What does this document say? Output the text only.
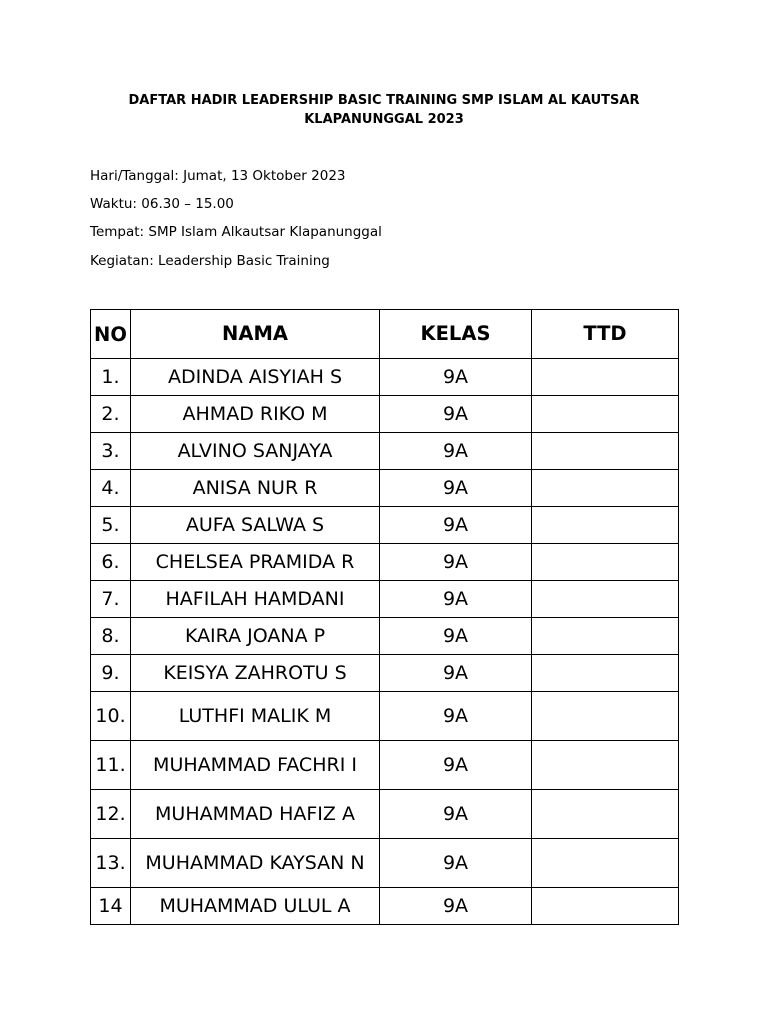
DAFTAR HADIR LEADERSHIP BASIC TRAINING SMP ISLAM AL KAUTSAR KLAPANUNGGAL 2023
Hari/Tanggal: Jumat, 13 Oktober 2023
Waktu: 06.30 – 15.00
Tempat: SMP Islam Alkautsar Klapanunggal
Kegiatan: Leadership Basic Training
NO	NAMA	KELAS	TTD
1.	ADINDA AISYIAH S	9A	
2.	AHMAD RIKO M	9A	
3.	ALVINO SANJAYA	9A	
4.	ANISA NUR R	9A	
5.	AUFA SALWA S	9A	
6.	CHELSEA PRAMIDA R	9A	
7.	HAFILAH HAMDANI	9A	
8.	KAIRA JOANA P	9A	
9.	KEISYA ZAHROTU S	9A	
10.	LUTHFI MALIK M	9A	
11.	MUHAMMAD FACHRI I	9A	
12.	MUHAMMAD HAFIZ A	9A	
13.	MUHAMMAD KAYSAN N	9A	
14	MUHAMMAD ULUL A	9A	
